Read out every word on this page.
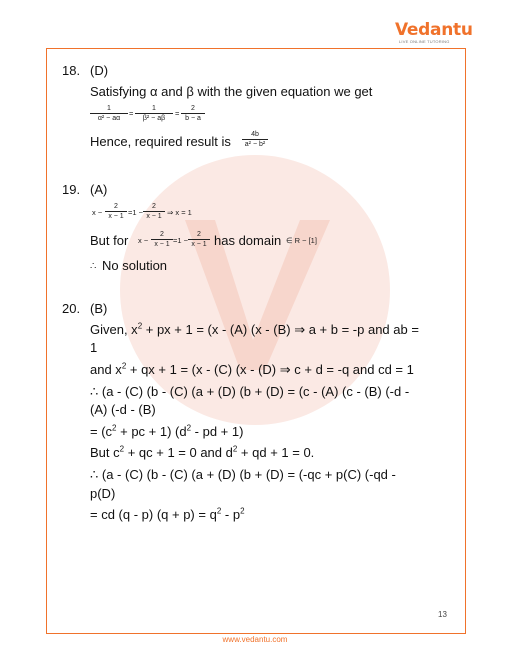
Vedantu
LIVE ONLINE TUTORING
18. (D)
Satisfying α and β with the given equation we get
$\frac{1}{\text{α² − aα}} = \frac{1}{\text{β² − aβ}} = \frac{2}{b - a}$
Hence, required result is $\frac{4b}{\text{a² − b²}}$
19. (A)
$x - \frac{2}{x - 1} =1 - \frac{2}{x - 1}$ ⇒ x = 1
But for $x - \frac{2}{x - 1} =1 - \frac{2}{x - 1}$ has domain ∈ R − [1]
∴ No solution
20. (B)
Given, $x^2$ + px + 1 = (x - (A) (x - (B) ⇒ a + b = -p and ab =
1
and $x^2$ + qx + 1 = (x - (C) (x - (D) ⇒ c + d = -q and cd = 1
∴ (a - (C) (b - (C) (a + (D) (b + (D) = (c - (A) (c - (B) (-d -
(A) (-d - (B)
= ($c^2$ + pc + 1) ($d^2$ - pd + 1)
But $c^2$ + qc + 1 = 0 and $d^2$ + qd + 1 = 0.
∴ (a - (C) (b - (C) (a + (D) (b + (D) = (-qc + p(C) (-qd -
p(D)
= cd (q - p) $(q + p) = q^2 - p^2$
13
www.vedantu.com
